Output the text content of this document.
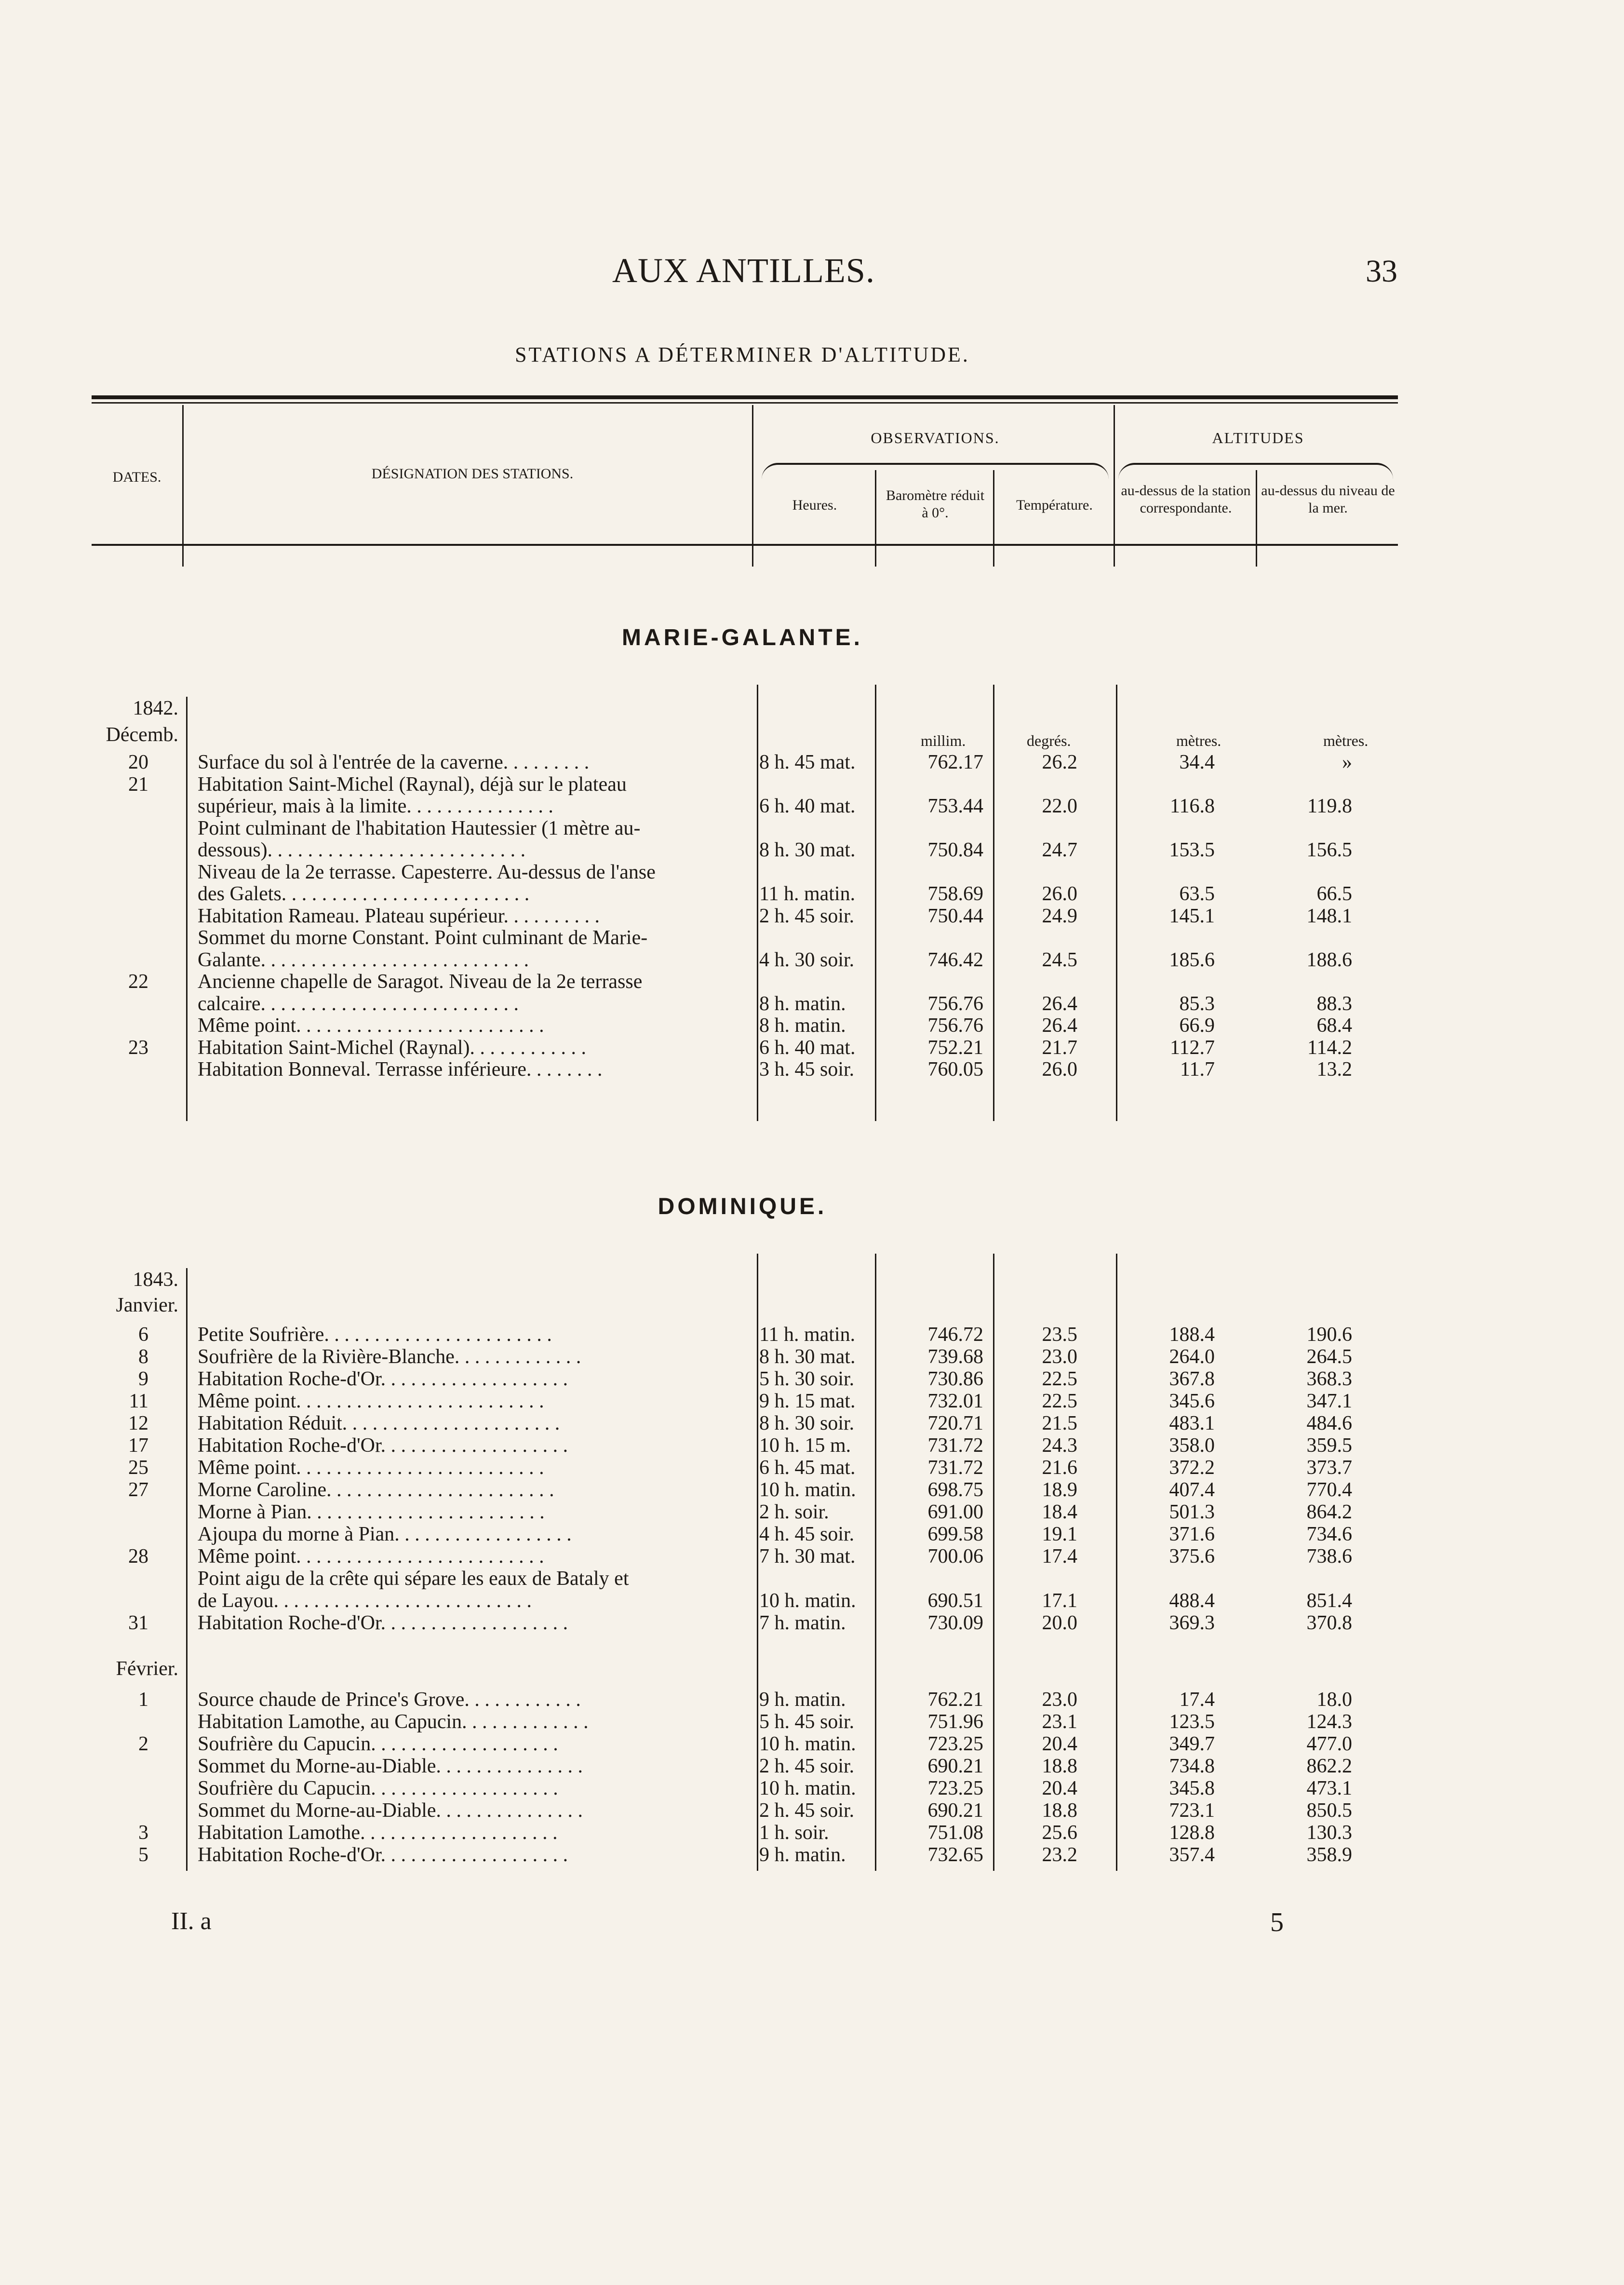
AUX ANTILLES.	33
STATIONS A DÉTERMINER D'ALTITUDE.
DATES.	DÉSIGNATION DES STATIONS.
OBSERVATIONS.	ALTITUDES
Heures.
Baromètre réduit à 0°.	Température.
au-dessus de la station correspondante.
au-dessus du niveau de la mer.
MARIE-GALANTE.
1842.
Décemb.	millim.	degrés.	mètres.	mètres.
20 Surface du sol à l'entrée de la caverne. . . . . . . . .	8 h. 45 mat.	762.17	26.2	34.4	»
21 Habitation Saint-Michel (Raynal), déjà sur le plateau
supérieur, mais à la limite. . . . . . . . . . . . . . .	6 h. 40 mat.	753.44	22.0	116.8	119.8
Point culminant de l'habitation Hautessier (1 mètre au-
dessous). . . . . . . . . . . . . . . . . . . . . . . . . .	8 h. 30 mat.	750.84	24.7	153.5	156.5
Niveau de la 2e terrasse. Capesterre. Au-dessus de l'anse
des Galets. . . . . . . . . . . . . . . . . . . . . . . . .	11 h. matin.	758.69	26.0	63.5	66.5
Habitation Rameau. Plateau supérieur. . . . . . . . . .	2 h. 45 soir.	750.44	24.9	145.1	148.1
Sommet du morne Constant. Point culminant de Marie-
Galante. . . . . . . . . . . . . . . . . . . . . . . . . . .	4 h. 30 soir.	746.42	24.5	185.6	188.6
22 Ancienne chapelle de Saragot. Niveau de la 2e terrasse
calcaire. . . . . . . . . . . . . . . . . . . . . . . . . .	8 h. matin.	756.76	26.4	85.3	88.3
Même point. . . . . . . . . . . . . . . . . . . . . . . . .	8 h. matin.	756.76	26.4	66.9	68.4
23 Habitation Saint-Michel (Raynal). . . . . . . . . . . .	6 h. 40 mat.	752.21	21.7	112.7	114.2
Habitation Bonneval. Terrasse inférieure. . . . . . . .	3 h. 45 soir.	760.05	26.0	11.7	13.2
DOMINIQUE.
1843.
Janvier.
Février.
6 Petite Soufrière. . . . . . . . . . . . . . . . . . . . . . .	11 h. matin.	746.72	23.5	188.4	190.6
8 Soufrière de la Rivière-Blanche. . . . . . . . . . . . .	8 h. 30 mat.	739.68	23.0	264.0	264.5
9 Habitation Roche-d'Or. . . . . . . . . . . . . . . . . . .	5 h. 30 soir.	730.86	22.5	367.8	368.3
11 Même point. . . . . . . . . . . . . . . . . . . . . . . . .	9 h. 15 mat.	732.01	22.5	345.6	347.1
12 Habitation Réduit. . . . . . . . . . . . . . . . . . . . . .	8 h. 30 soir.	720.71	21.5	483.1	484.6
17 Habitation Roche-d'Or. . . . . . . . . . . . . . . . . . .	10 h. 15 m.	731.72	24.3	358.0	359.5
25 Même point. . . . . . . . . . . . . . . . . . . . . . . . .	6 h. 45 mat.	731.72	21.6	372.2	373.7
27 Morne Caroline. . . . . . . . . . . . . . . . . . . . . . .	10 h. matin.	698.75	18.9	407.4	770.4
Morne à Pian. . . . . . . . . . . . . . . . . . . . . . . .	2 h. soir.	691.00	18.4	501.3	864.2
Ajoupa du morne à Pian. . . . . . . . . . . . . . . . . .	4 h. 45 soir.	699.58	19.1	371.6	734.6
28 Même point. . . . . . . . . . . . . . . . . . . . . . . . .	7 h. 30 mat.	700.06	17.4	375.6	738.6
Point aigu de la crête qui sépare les eaux de Bataly et
de Layou. . . . . . . . . . . . . . . . . . . . . . . . . .	10 h. matin.	690.51	17.1	488.4	851.4
31 Habitation Roche-d'Or. . . . . . . . . . . . . . . . . . .	7 h. matin.	730.09	20.0	369.3	370.8
1 Source chaude de Prince's Grove. . . . . . . . . . . .	9 h. matin.	762.21	23.0	17.4	18.0
Habitation Lamothe, au Capucin. . . . . . . . . . . . .	5 h. 45 soir.	751.96	23.1	123.5	124.3
2 Soufrière du Capucin. . . . . . . . . . . . . . . . . . .	10 h. matin.	723.25	20.4	349.7	477.0
Sommet du Morne-au-Diable. . . . . . . . . . . . . . .	2 h. 45 soir.	690.21	18.8	734.8	862.2
Soufrière du Capucin. . . . . . . . . . . . . . . . . . .	10 h. matin.	723.25	20.4	345.8	473.1
Sommet du Morne-au-Diable. . . . . . . . . . . . . . .	2 h. 45 soir.	690.21	18.8	723.1	850.5
3 Habitation Lamothe. . . . . . . . . . . . . . . . . . . .	1 h. soir.	751.08	25.6	128.8	130.3
5 Habitation Roche-d'Or. . . . . . . . . . . . . . . . . . .	9 h. matin.	732.65	23.2	357.4	358.9
II. a	5
